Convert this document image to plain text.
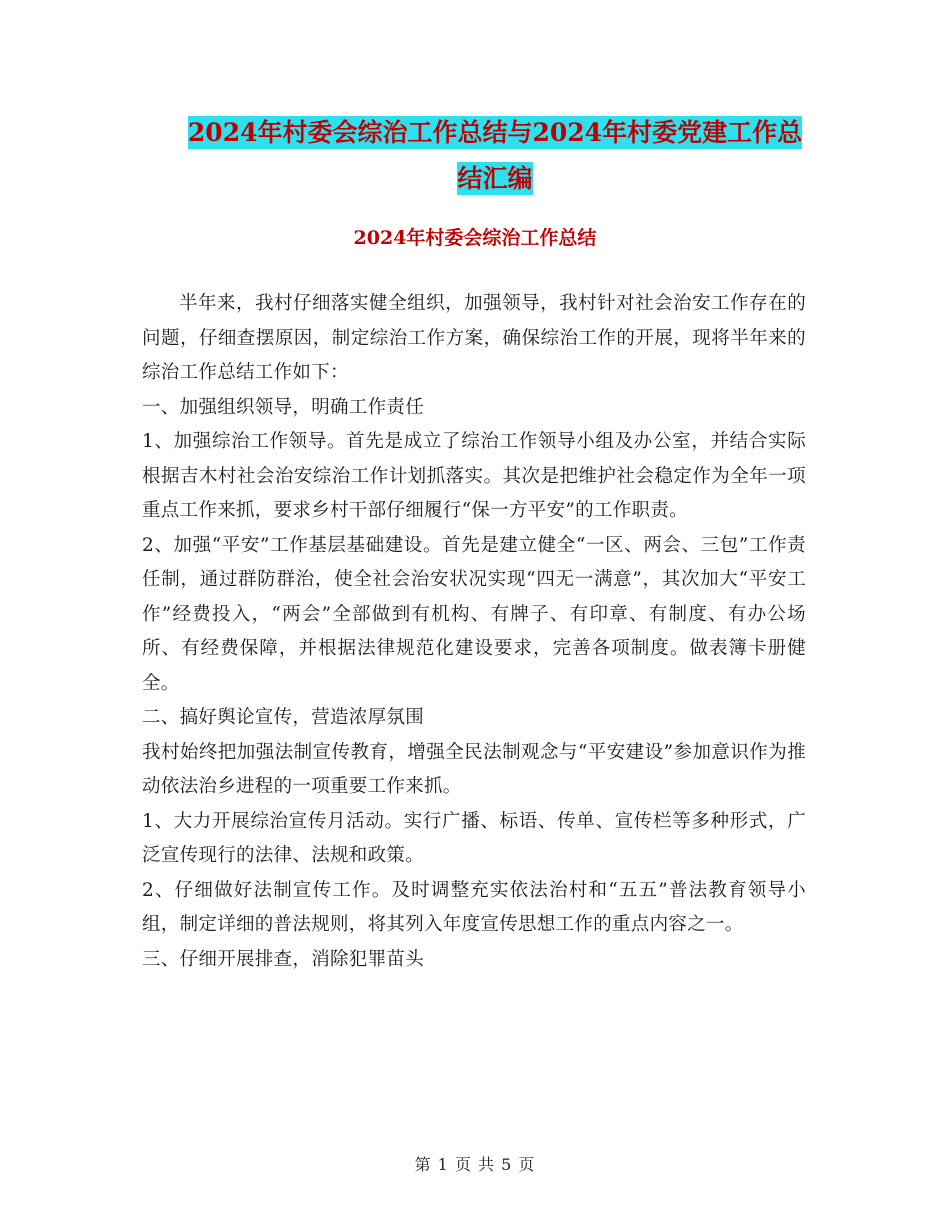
2024年村委会综治工作总结与2024年村委党建工作总
结汇编
2024年村委会综治工作总结

半年来，我村仔细落实健全组织，加强领导，我村针对社会治安工作存在的问题，仔细查摆原因，制定综治工作方案，确保综治工作的开展，现将半年来的综治工作总结工作如下：

一、加强组织领导，明确工作责任

1、加强综治工作领导。首先是成立了综治工作领导小组及办公室，并结合实际根据吉木村社会治安综治工作计划抓落实。其次是把维护社会稳定作为全年一项重点工作来抓，要求乡村干部仔细履行“保一方平安”的工作职责。

2、加强“平安”工作基层基础建设。首先是建立健全“一区、两会、三包”工作责任制，通过群防群治，使全社会治安状况实现“四无一满意”，其次加大“平安工作”经费投入，“两会”全部做到有机构、有牌子、有印章、有制度、有办公场所、有经费保障，并根据法律规范化建设要求，完善各项制度。做表簿卡册健全。

二、搞好舆论宣传，营造浓厚氛围

我村始终把加强法制宣传教育，增强全民法制观念与“平安建设”参加意识作为推动依法治乡进程的一项重要工作来抓。

1、大力开展综治宣传月活动。实行广播、标语、传单、宣传栏等多种形式，广泛宣传现行的法律、法规和政策。

2、仔细做好法制宣传工作。及时调整充实依法治村和“五五”普法教育领导小组，制定详细的普法规则，将其列入年度宣传思想工作的重点内容之一。

三、仔细开展排查，消除犯罪苗头

第 1 页 共 5 页
